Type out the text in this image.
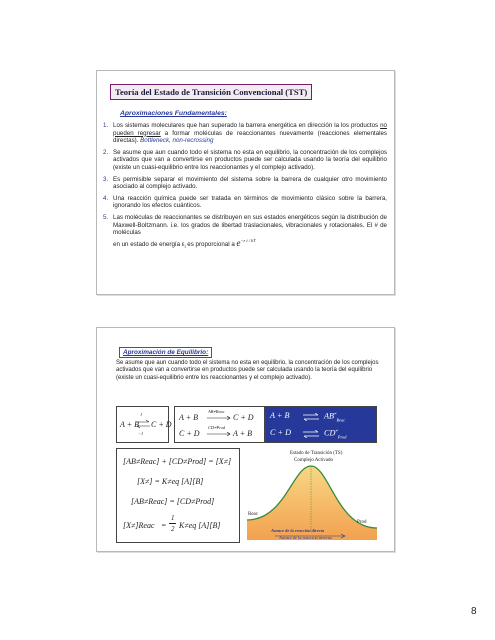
Teoría del Estado de Transición Convencional (TST)
Aproximaciones Fundamentales:
1. Los sistemas moleculares que han superado la barrera energética en dirección la los productos no pueden regresar a formar moléculas de reaccionantes nuevamente (reacciones elementales directas). Bottleneck, non-recrossing
2. Se asume que aun cuando todo el sistema no esta en equilibrio, la concentración de los complejos activados que van a convertirse en productos puede ser calculada usando la teoría del equilibrio (existe un cuasi-equilibrio entre los reaccionantes y el complejo activado).
3. Es permisible separar el movimiento del sistema sobre la barrera de cualquier otro movimiento asociado al complejo activado.
4. Una reacción química puede ser tratada en términos de movimiento clásico sobre la barrera, ignorando los efectos cuánticos.
5. Las moléculas de reaccionantes se distribuyen en sus estados energéticos según la distribución de Maxwell-Boltzmann. i.e. los grados de libertad traslacionales, vibracionales y rotacionales. El # de moléculas
en un estado de energía $\varepsilon_i$ es proporcional a $e^{-\varepsilon i / kT}$
Aproximación de Equilibrio:
Se asume que aun cuando todo el sistema no esta en equilibrio, la concentración de los complejos activados que van a convertirse en productos puede ser calculada usando la teoría del equilibrio (existe un cuasi-equilibrio entre los reaccionantes y el complejo activado).
A + B
1
−1
C + D
A + B
AB≠Reac
C + D
C + D
CD≠Prod
A + B
A + B ⇌ $AB^\ne_{Reac}$
C + D ⇌ $CD^\ne_{Prod}$
[AB≠Reac] + [CD≠Prod] = [X≠]
[X≠] = K≠eq [A][B]
[AB≠Reac] = [CD≠Prod]
[X≠]Reac =
1
2 K≠eq [A][B]
Estado de Transición (TS)
Complejo Activado
Reac
Prod
Avance de la reacción directa
Avance de la reacción inversa
8
